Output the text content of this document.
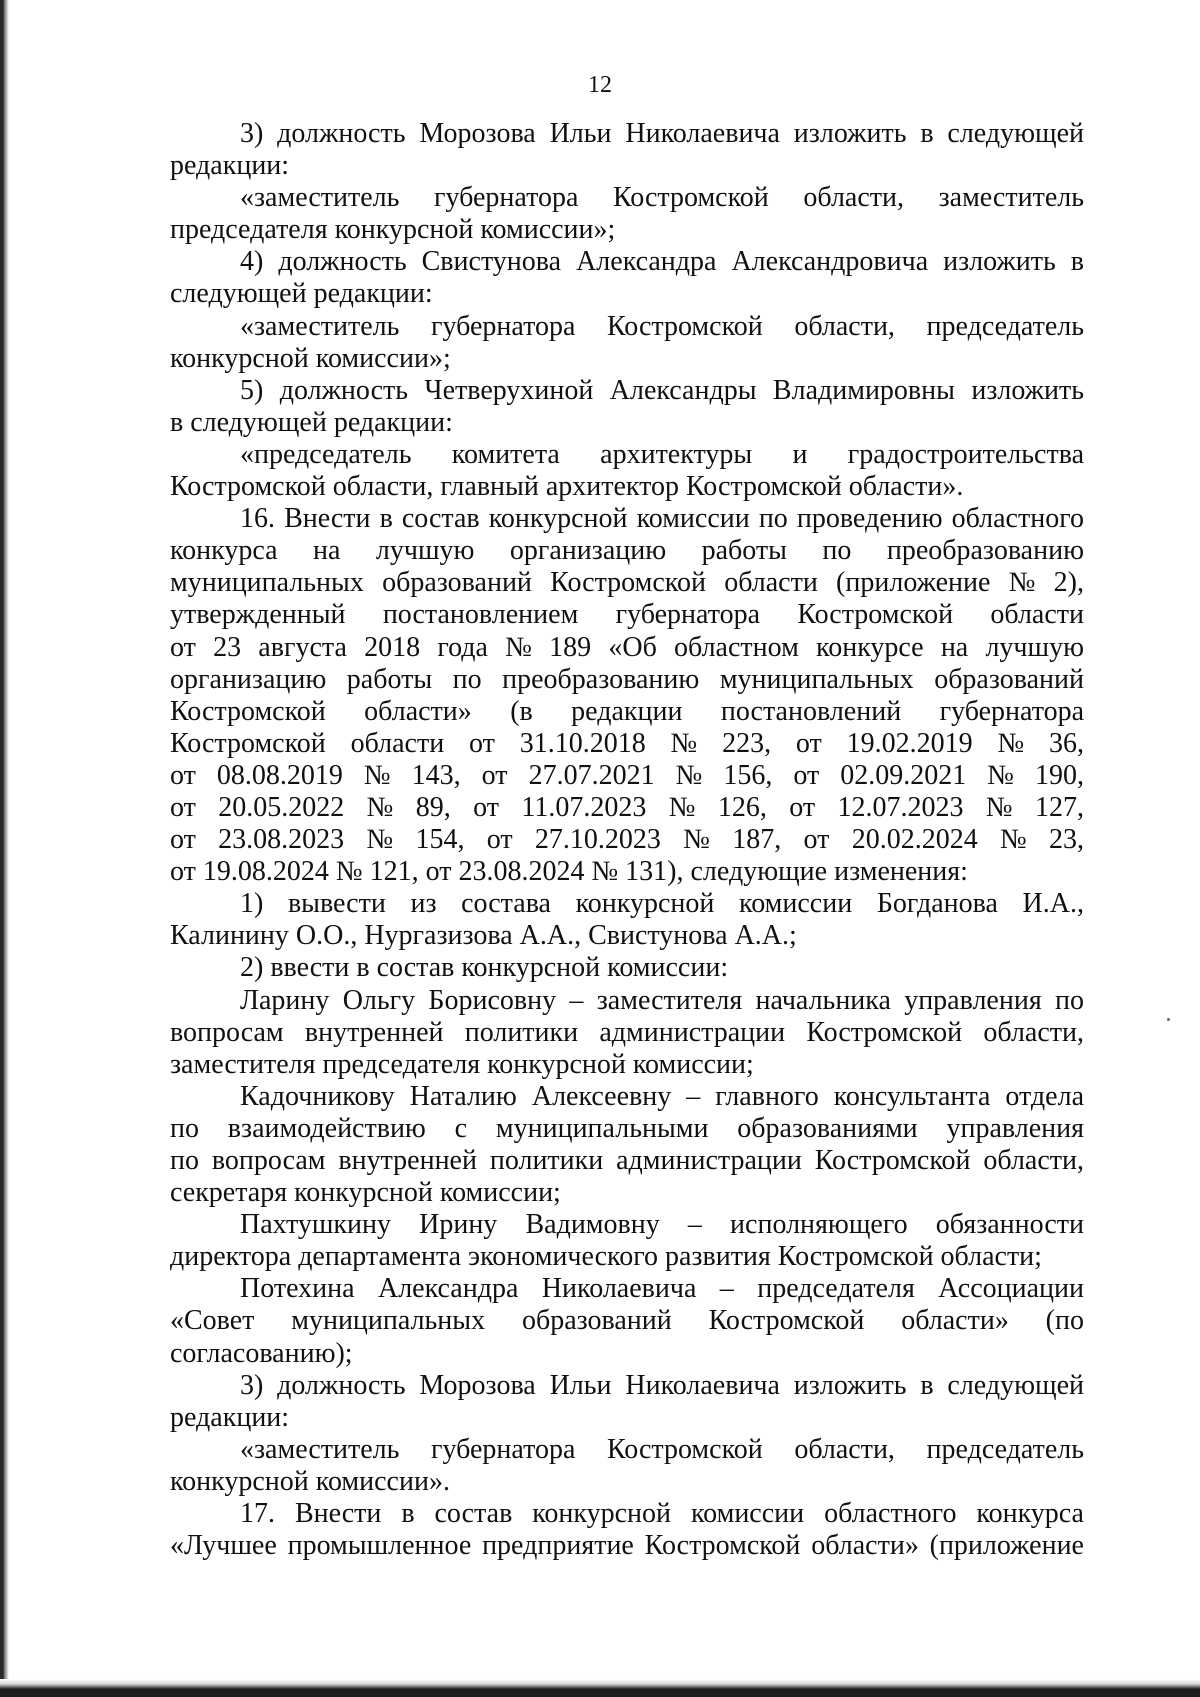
12
3) должность Морозова Ильи Николаевича изложить в следующей
редакции:
«заместитель губернатора Костромской области, заместитель
председателя конкурсной комиссии»;
4) должность Свистунова Александра Александровича изложить в
следующей редакции:
«заместитель губернатора Костромской области, председатель
конкурсной комиссии»;
5) должность Четверухиной Александры Владимировны изложить
в следующей редакции:
«председатель комитета архитектуры и градостроительства
Костромской области, главный архитектор Костромской области».
16. Внести в состав конкурсной комиссии по проведению областного
конкурса на лучшую организацию работы по преобразованию
муниципальных образований Костромской области (приложение № 2),
утвержденный постановлением губернатора Костромской области
от 23 августа 2018 года № 189 «Об областном конкурсе на лучшую
организацию работы по преобразованию муниципальных образований
Костромской области» (в редакции постановлений губернатора
Костромской области от 31.10.2018 № 223, от 19.02.2019 № 36,
от 08.08.2019 № 143, от 27.07.2021 № 156, от 02.09.2021 № 190,
от 20.05.2022 № 89, от 11.07.2023 № 126, от 12.07.2023 № 127,
от 23.08.2023 № 154, от 27.10.2023 № 187, от 20.02.2024 № 23,
от 19.08.2024 № 121, от 23.08.2024 № 131), следующие изменения:
1) вывести из состава конкурсной комиссии Богданова И.А.,
Калинину О.О., Нургазизова А.А., Свистунова А.А.;
2) ввести в состав конкурсной комиссии:
Ларину Ольгу Борисовну – заместителя начальника управления по
вопросам внутренней политики администрации Костромской области,
заместителя председателя конкурсной комиссии;
Кадочникову Наталию Алексеевну – главного консультанта отдела
по взаимодействию с муниципальными образованиями управления
по вопросам внутренней политики администрации Костромской области,
секретаря конкурсной комиссии;
Пахтушкину Ирину Вадимовну – исполняющего обязанности
директора департамента экономического развития Костромской области;
Потехина Александра Николаевича – председателя Ассоциации
«Совет муниципальных образований Костромской области» (по
согласованию);
3) должность Морозова Ильи Николаевича изложить в следующей
редакции:
«заместитель губернатора Костромской области, председатель
конкурсной комиссии».
17. Внести в состав конкурсной комиссии областного конкурса
«Лучшее промышленное предприятие Костромской области» (приложение
